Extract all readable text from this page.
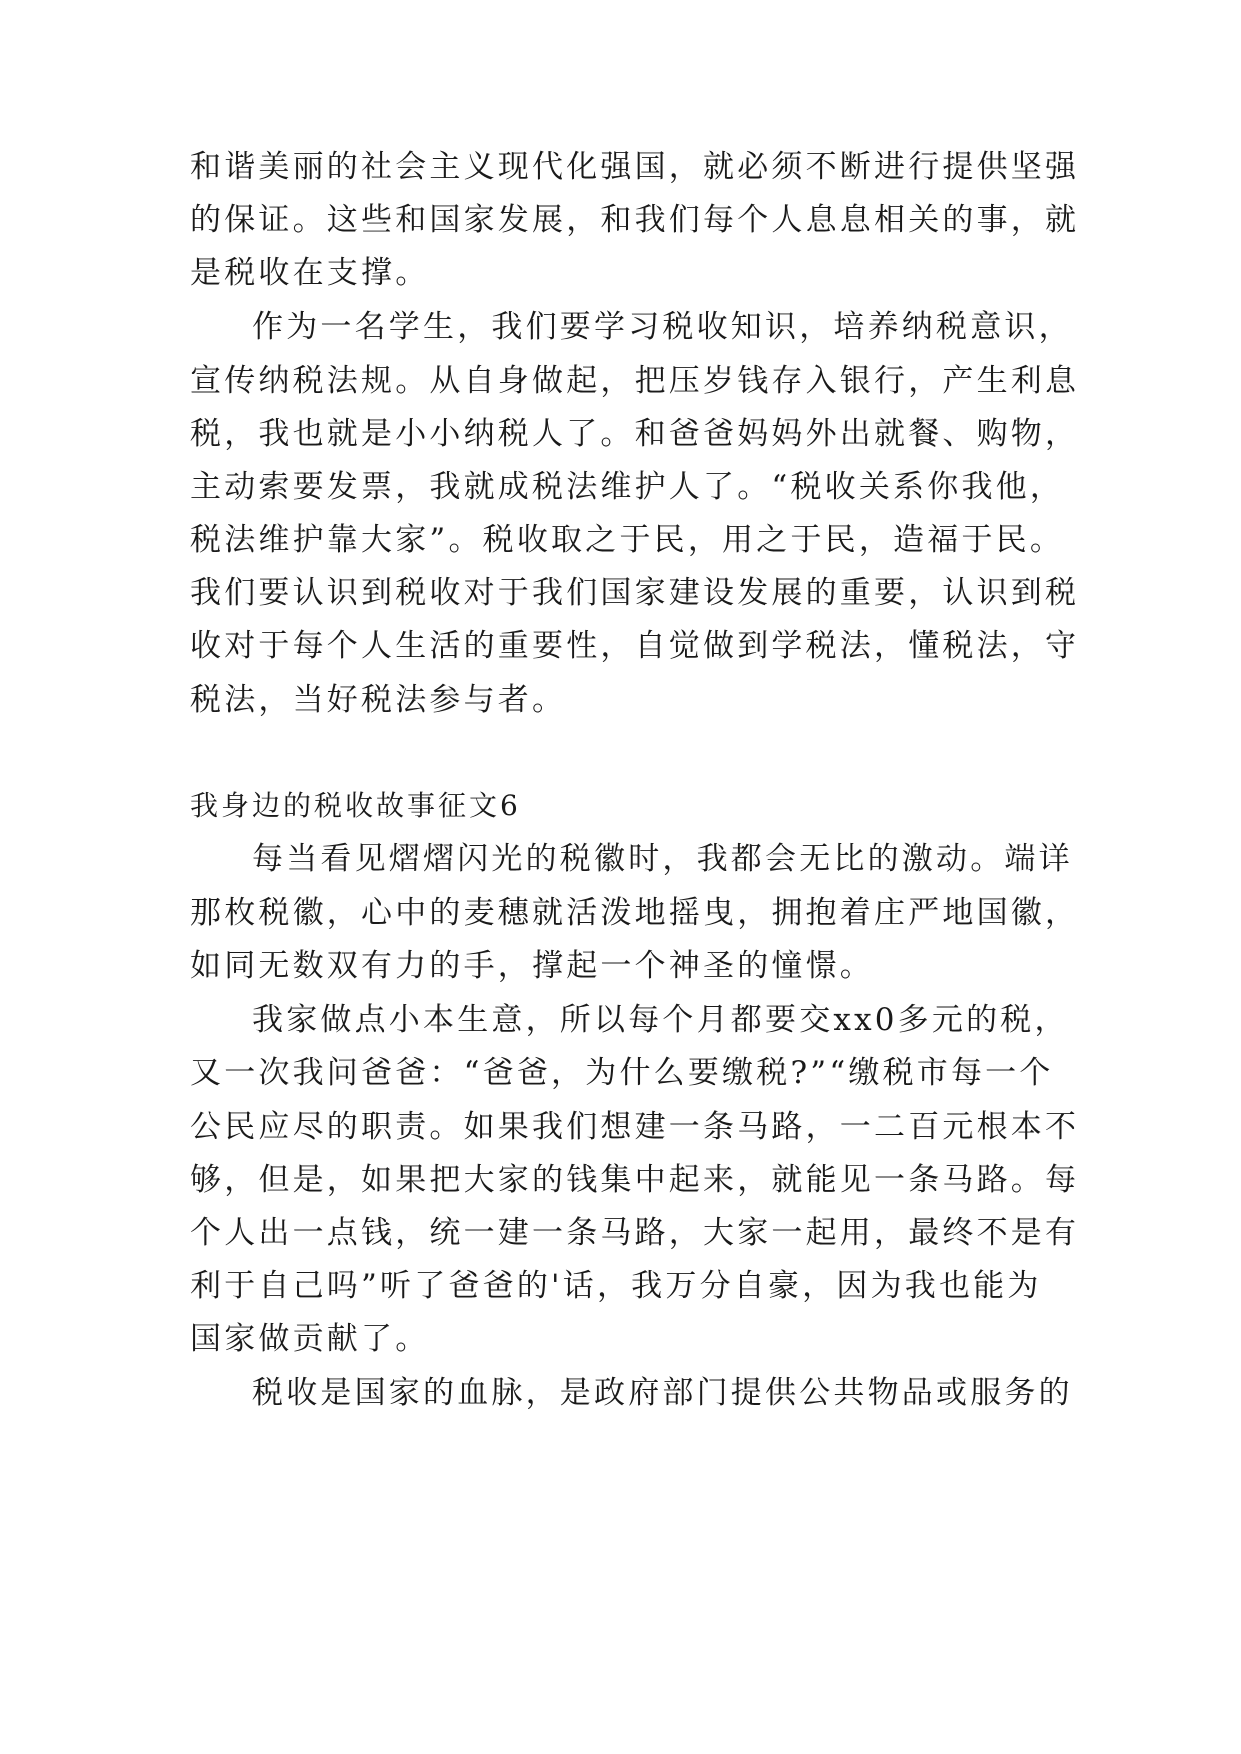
和谐美丽的社会主义现代化强国，就必须不断进行提供坚强
的保证。这些和国家发展，和我们每个人息息相关的事，就
是税收在支撑。
作为一名学生，我们要学习税收知识，培养纳税意识，
宣传纳税法规。从自身做起，把压岁钱存入银行，产生利息
税，我也就是小小纳税人了。和爸爸妈妈外出就餐、购物，
主动索要发票，我就成税法维护人了。“税收关系你我他，
税法维护靠大家”。税收取之于民，用之于民，造福于民。
我们要认识到税收对于我们国家建设发展的重要，认识到税
收对于每个人生活的重要性，自觉做到学税法，懂税法，守
税法，当好税法参与者。
我身边的税收故事征文6
每当看见熠熠闪光的税徽时，我都会无比的激动。端详
那枚税徽，心中的麦穗就活泼地摇曳，拥抱着庄严地国徽，
如同无数双有力的手，撑起一个神圣的憧憬。
我家做点小本生意，所以每个月都要交xx0多元的税，
又一次我问爸爸：“爸爸，为什么要缴税?”“缴税市每一个
公民应尽的职责。如果我们想建一条马路，一二百元根本不
够，但是，如果把大家的钱集中起来，就能见一条马路。每
个人出一点钱，统一建一条马路，大家一起用，最终不是有
利于自己吗”听了爸爸的'话，我万分自豪，因为我也能为
国家做贡献了。
税收是国家的血脉，是政府部门提供公共物品或服务的
